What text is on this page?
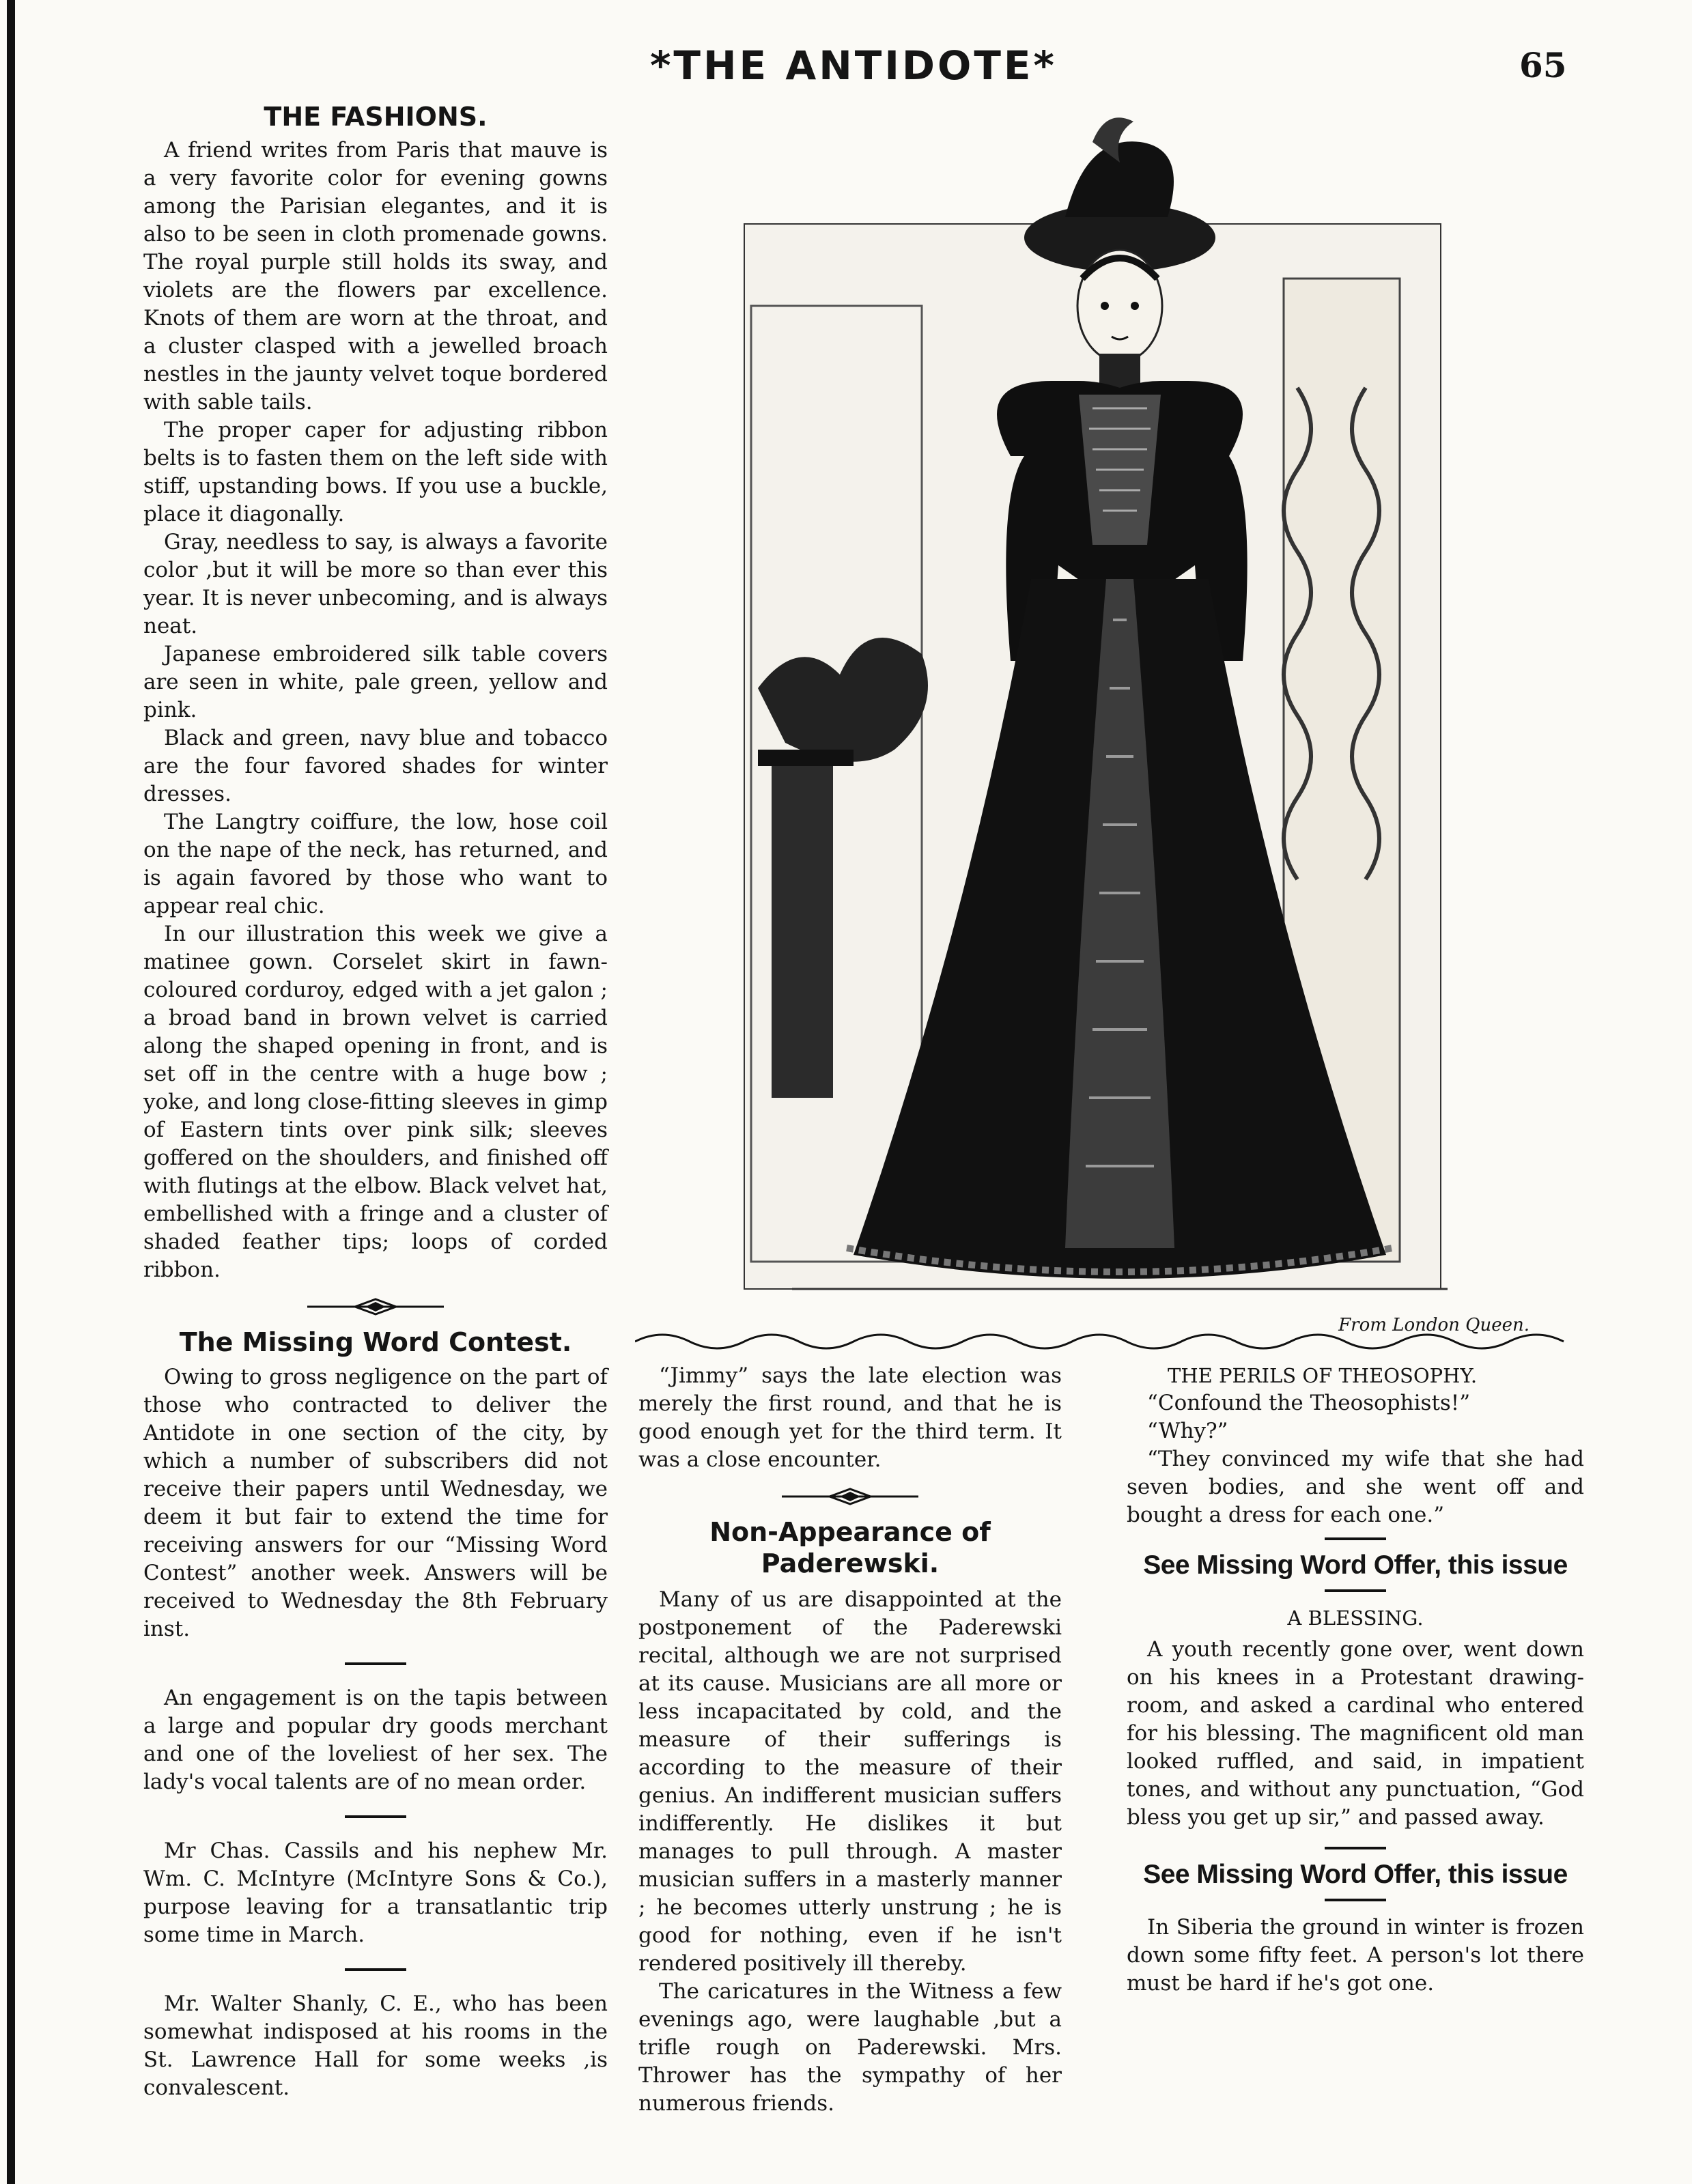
*THE ANTIDOTE*	65
THE FASHIONS.

A friend writes from Paris that mauve is a very favorite color for evening gowns among the Parisian elegantes, and it is also to be seen in cloth promenade gowns. The royal purple still holds its sway, and violets are the flowers par excellence. Knots of them are worn at the throat, and a cluster clasped with a jewelled broach nestles in the jaunty velvet toque bordered with sable tails.

The proper caper for adjusting ribbon belts is to fasten them on the left side with stiff, upstanding bows. If you use a buckle, place it diagonally.

Gray, needless to say, is always a favorite color ,but it will be more so than ever this year. It is never unbecoming, and is always neat.

Japanese embroidered silk table covers are seen in white, pale green, yellow and pink.

Black and green, navy blue and tobacco are the four favored shades for winter dresses.

The Langtry coiffure, the low, hose coil on the nape of the neck, has returned, and is again favored by those who want to appear real chic.

In our illustration this week we give a matinee gown. Corselet skirt in fawn-coloured corduroy, edged with a jet galon ; a broad band in brown velvet is carried along the shaped opening in front, and is set off in the centre with a huge bow ; yoke, and long close-fitting sleeves in gimp of Eastern tints over pink silk; sleeves goffered on the shoulders, and finished off with flutings at the elbow. Black velvet hat, embellished with a fringe and a cluster of shaded feather tips; loops of corded ribbon.

The Missing Word Contest.

Owing to gross negligence on the part of those who contracted to deliver the Antidote in one section of the city, by which a number of subscribers did not receive their papers until Wednesday, we deem it but fair to extend the time for receiving answers for our “Missing Word Contest” another week. Answers will be received to Wednesday the 8th February inst.

An engagement is on the tapis between a large and popular dry goods merchant and one of the loveliest of her sex. The lady's vocal talents are of no mean order.

Mr Chas. Cassils and his nephew Mr. Wm. C. McIntyre (McIntyre Sons & Co.), purpose leaving for a transatlantic trip some time in March.

Mr. Walter Shanly, C. E., who has been somewhat indisposed at his rooms in the St. Lawrence Hall for some weeks ,is convalescent.

From London Queen.

“Jimmy” says the late election was merely the first round, and that he is good enough yet for the third term. It was a close encounter.

Non-Appearance of Paderewski.

Many of us are disappointed at the postponement of the Paderewski recital, although we are not surprised at its cause. Musicians are all more or less incapacitated by cold, and the measure of their sufferings is according to the measure of their genius. An indifferent musician suffers indifferently. He dislikes it but manages to pull through. A master musician suffers in a masterly manner ; he becomes utterly unstrung ; he is good for nothing, even if he isn't rendered positively ill thereby.

The caricatures in the Witness a few evenings ago, were laughable ,but a trifle rough on Paderewski. Mrs. Thrower has the sympathy of her numerous friends.

THE PERILS OF THEOSOPHY.

“Confound the Theosophists!”

“Why?”

“They convinced my wife that she had seven bodies, and she went off and bought a dress for each one.”

See Missing Word Offer, this issue
A BLESSING.

A youth recently gone over, went down on his knees in a Protestant drawing-room, and asked a cardinal who entered for his blessing. The magnificent old man looked ruffled, and said, in impatient tones, and without any punctuation, “God bless you get up sir,” and passed away.

See Missing Word Offer, this issue

In Siberia the ground in winter is frozen down some fifty feet. A person's lot there must be hard if he's got one.
